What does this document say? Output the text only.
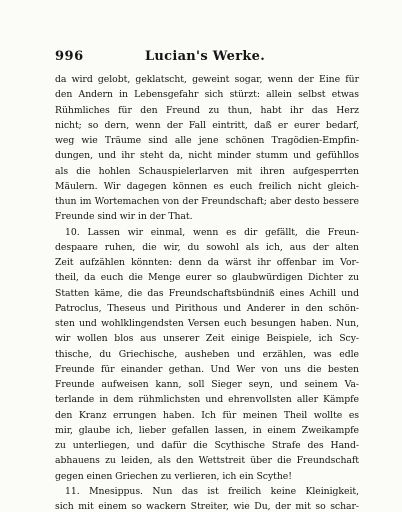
996	Lucian's Werke.
da wird gelobt, geklatscht, geweint sogar, wenn der Eine für
den Andern in Lebensgefahr sich stürzt: allein selbst etwas
Rühmliches für den Freund zu thun, habt ihr das Herz
nicht; so dern, wenn der Fall eintritt, daß er eurer bedarf,
weg wie Träume sind alle jene schönen Tragödien-Empfin-
dungen, und ihr steht da, nicht minder stumm und gefühllos
als die hohlen Schauspielerlarven mit ihren aufgesperrten
Mäulern. Wir dagegen können es euch freilich nicht gleich-
thun im Wortemachen von der Freundschaft; aber desto bessere
Freunde sind wir in der That.
10. Lassen wir einmal, wenn es dir gefällt, die Freun-
despaare ruhen, die wir, du sowohl als ich, aus der alten
Zeit aufzählen könnten: denn da wärst ihr offenbar im Vor-
theil, da euch die Menge eurer so glaubwürdigen Dichter zu
Statten käme, die das Freundschaftsbündniß eines Achill und
Patroclus, Theseus und Pirithous und Anderer in den schön-
sten und wohlklingendsten Versen euch besungen haben. Nun,
wir wollen blos aus unserer Zeit einige Beispiele, ich Scy-
thische, du Griechische, ausheben und erzählen, was edle
Freunde für einander gethan. Und Wer von uns die besten
Freunde aufweisen kann, soll Sieger seyn, und seinem Va-
terlande in dem rühmlichsten und ehrenvollsten aller Kämpfe
den Kranz errungen haben. Ich für meinen Theil wollte es
mir, glaube ich, lieber gefallen lassen, in einem Zweikampfe
zu unterliegen, und dafür die Scythische Strafe des Hand-
abhauens zu leiden, als den Wettstreit über die Freundschaft
gegen einen Griechen zu verlieren, ich ein Scythe!
11. Mnesippus. Nun das ist freilich keine Kleinigkeit,
sich mit einem so wackern Streiter, wie Du, der mit so schar-
